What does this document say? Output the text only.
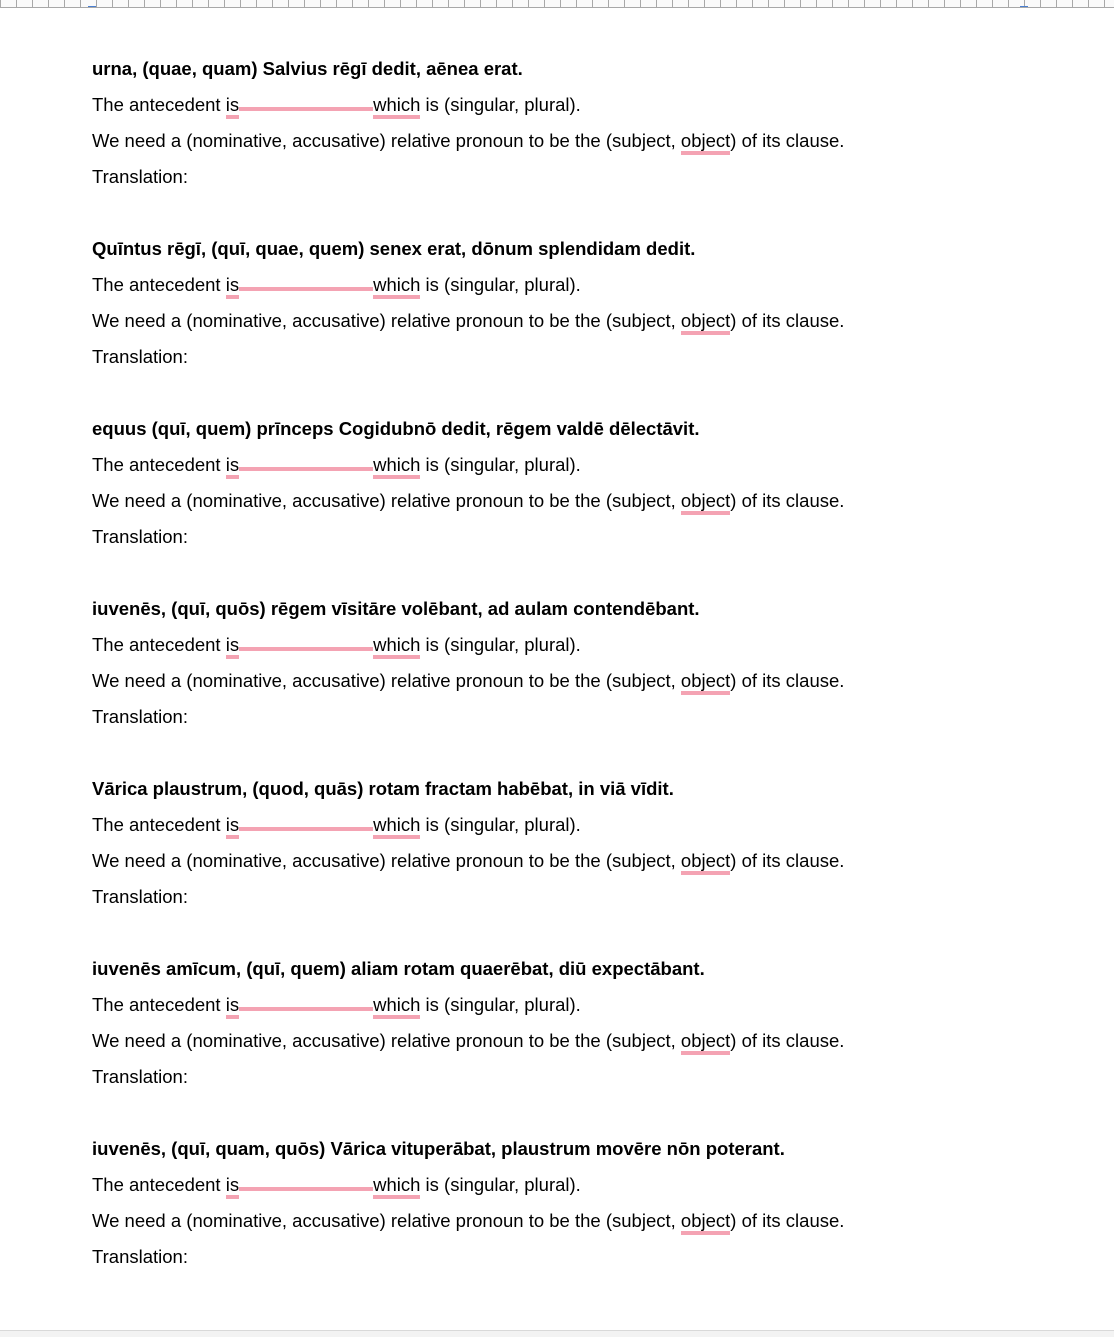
urna, (quae, quam) Salvius rēgī dedit, aēnea erat.
The antecedent is	which is (singular, plural).
We need a (nominative, accusative) relative pronoun to be the (subject, object) of its clause.
Translation:
Quīntus rēgī, (quī, quae, quem) senex erat, dōnum splendidam dedit.
The antecedent is	which is (singular, plural).
We need a (nominative, accusative) relative pronoun to be the (subject, object) of its clause.
Translation:
equus (quī, quem) prīnceps Cogidubnō dedit, rēgem valdē dēlectāvit.
The antecedent is	which is (singular, plural).
We need a (nominative, accusative) relative pronoun to be the (subject, object) of its clause.
Translation:
iuvenēs, (quī, quōs) rēgem vīsitāre volēbant, ad aulam contendēbant.
The antecedent is	which is (singular, plural).
We need a (nominative, accusative) relative pronoun to be the (subject, object) of its clause.
Translation:
Vārica plaustrum, (quod, quās) rotam fractam habēbat, in viā vīdit.
The antecedent is	which is (singular, plural).
We need a (nominative, accusative) relative pronoun to be the (subject, object) of its clause.
Translation:
iuvenēs amīcum, (quī, quem) aliam rotam quaerēbat, diū expectābant.
The antecedent is	which is (singular, plural).
We need a (nominative, accusative) relative pronoun to be the (subject, object) of its clause.
Translation:
iuvenēs, (quī, quam, quōs) Vārica vituperābat, plaustrum movēre nōn poterant.
The antecedent is	which is (singular, plural).
We need a (nominative, accusative) relative pronoun to be the (subject, object) of its clause.
Translation:
